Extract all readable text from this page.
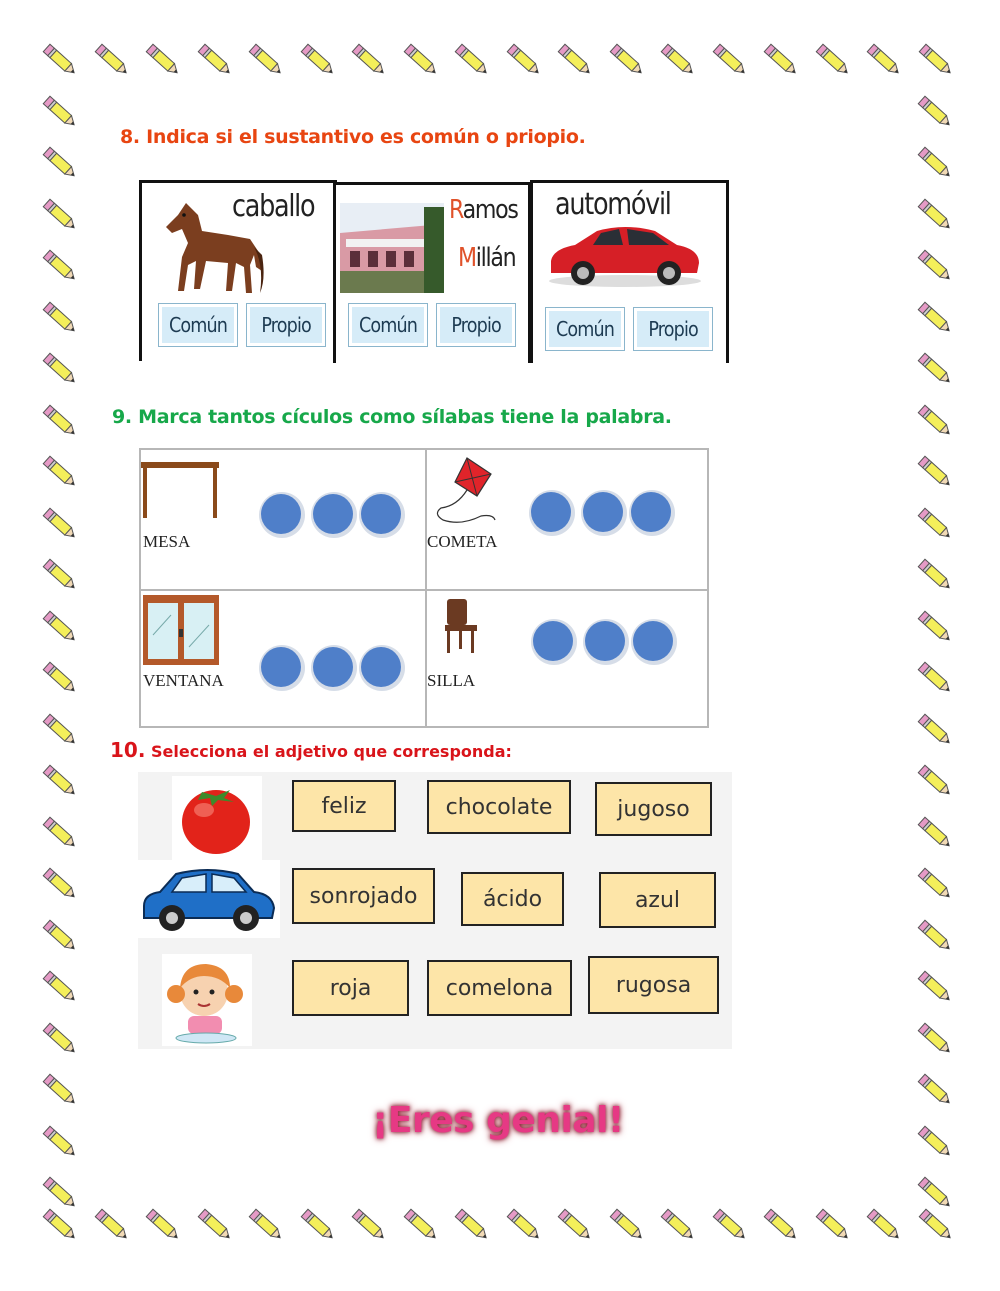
8. Indica si el sustantivo es común o priopio.
caballo
Común Propio
Ramos
Millán
Común Propio
automóvil
Común Propio
9. Marca tantos cículos como sílabas tiene la palabra.
MESA	COMETA
VENTANA	SILLA
10. Selecciona el adjetivo que corresponda:
feliz	chocolate	jugoso
sonrojado	ácido	azul
roja	comelona	rugosa
¡Eres genial!
